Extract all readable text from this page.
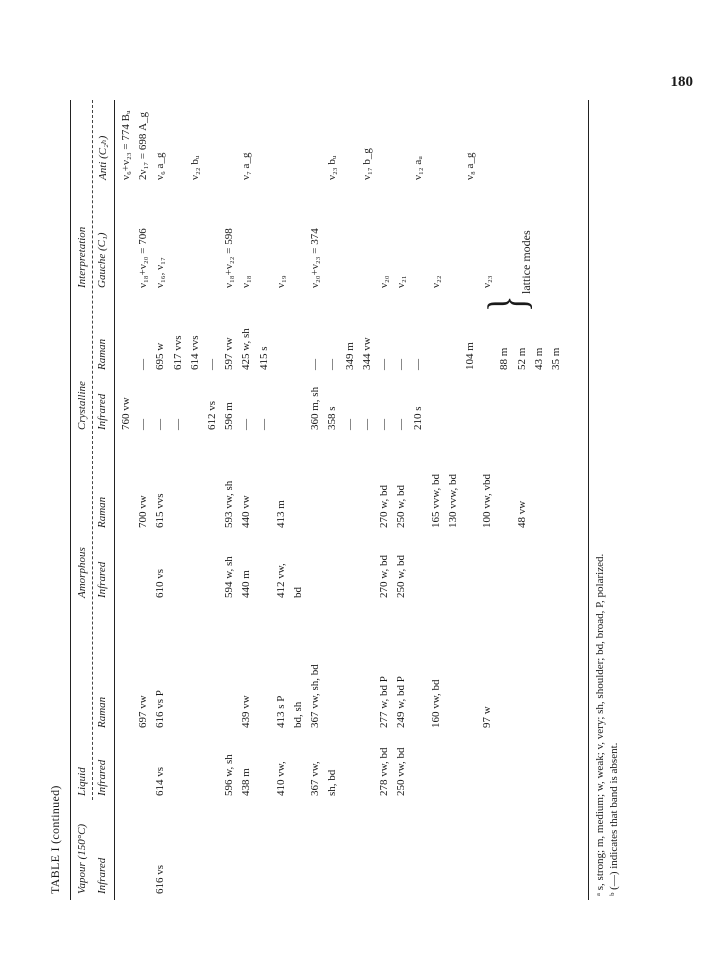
180
TABLE I (continued) Vapour (150°C)
Liquid
Amorphous
Crystalline
Interpretation
Infrared
Infrared
Raman
Infrared
Raman
Infrared
Raman
Gauche (C₁)
Anti (C₂ₕ)
760 vw
ν₆+ν₂₃ = 774 Bᵤ
697 vw
700 vw
—
—
ν₁₈+ν₂₀ = 706
2ν₁₇ = 698 A_g
616 vs
614 vs
616 vs P
610 vs
615 vvs
—
695 w
ν₁₆, ν₁₇
ν₆ a_g
—
617 vvs 614 vvs
ν₂₂ bᵤ
612 vs
—
596 w, sh
594 w, sh
593 vw, sh
596 m
597 vw
ν₁₈+ν₂₂ = 598
438 m
439 vw
440 m
440 vw
—
425 w, sh
ν₁₈
ν₇ a_g
—
415 s
410 vw,
413 s P
412 vw,
413 m
ν₁₉
bd, sh
bd
367 vw,
367 vw, sh, bd
360 m, sh
—
ν₂₀+ν₂₃ = 374
sh, bd
358 s
—
ν₂₃ bᵤ
—
349 m
—
344 vw
ν₁₇ b_g
278 vw, bd
277 w, bd P
270 w, bd
270 w, bd
—
—
ν₂₀
250 vw, bd
249 w, bd P
250 w, bd
250 w, bd
—
—
ν₂₁
210 s
—
ν₁₂ aᵤ
160 vw, bd
165 vvw, bd
ν₂₂
130 vvw, bd
104 m
ν₈ a_g
97 w
100 vw, vbd
ν₂₃
88 m
48 vw
52 m 43 m 35 m
}
lattice modes
ᵃ s, strong; m, medium; w, weak; v, very; sh, shoulder; bd, broad, P, polarized. ᵇ (—) indicates that band is absent.
